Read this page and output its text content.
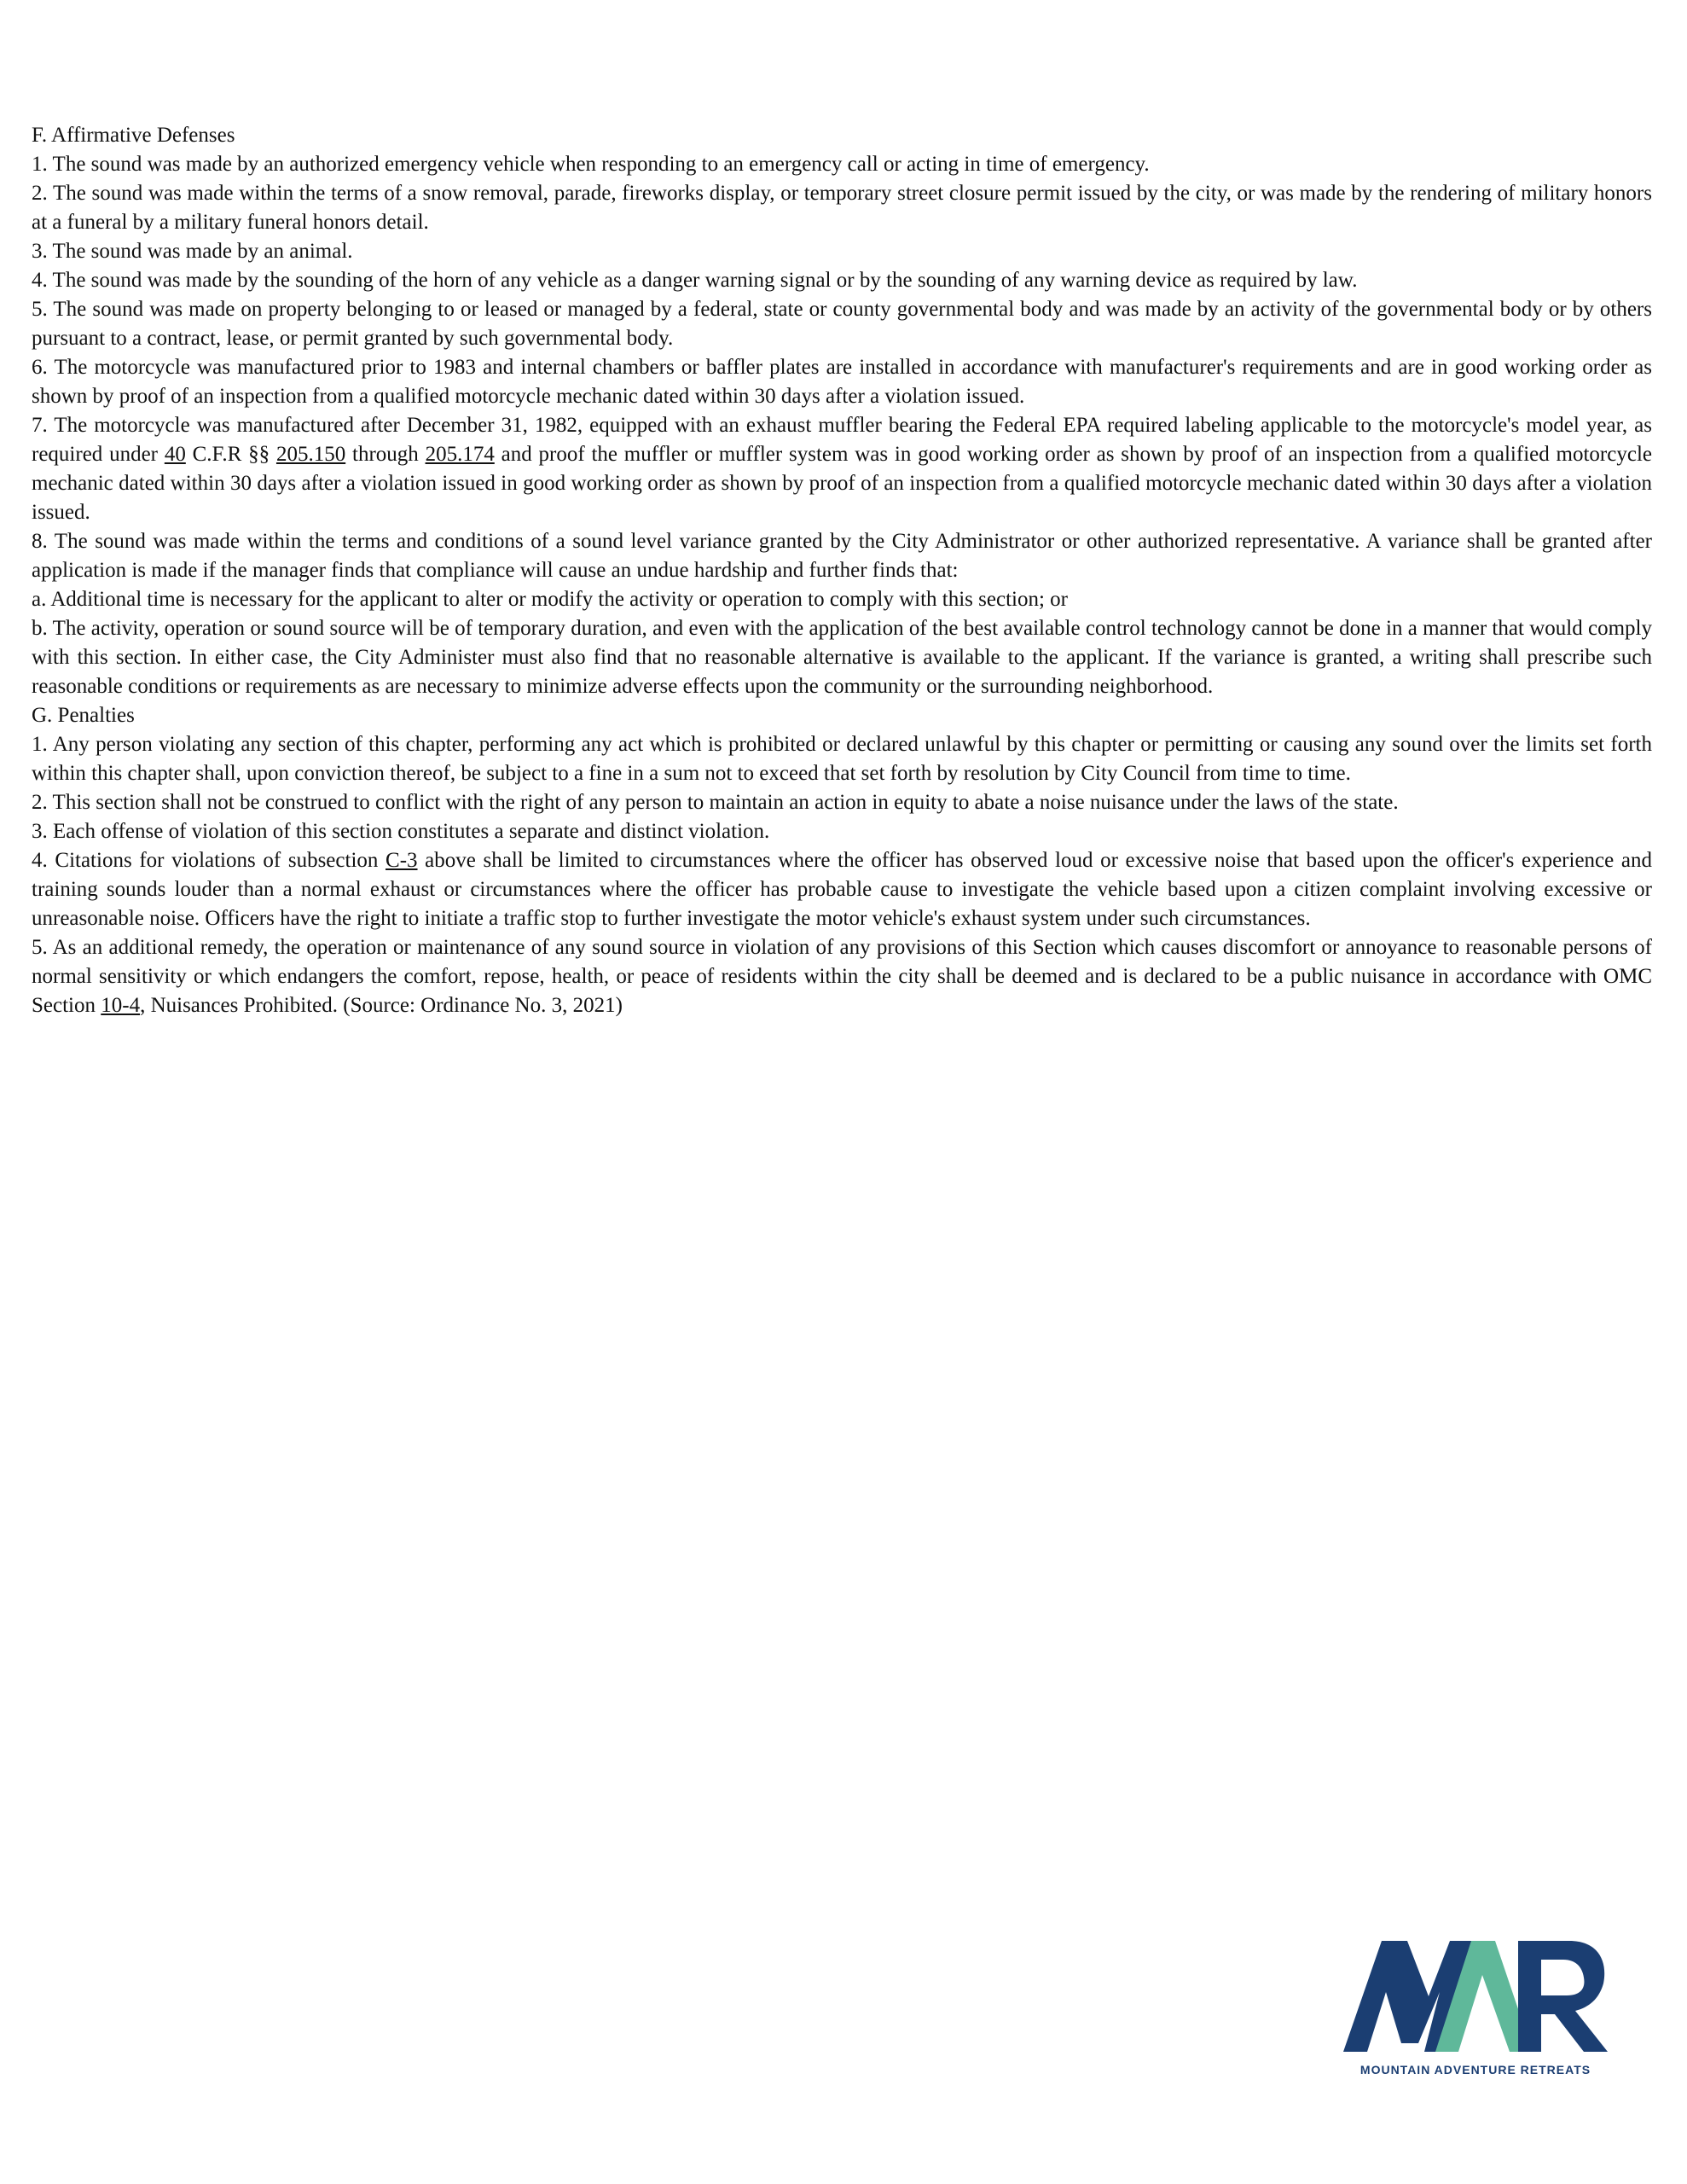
F. Affirmative Defenses

1. The sound was made by an authorized emergency vehicle when responding to an emergency call or acting in time of emergency.

2. The sound was made within the terms of a snow removal, parade, fireworks display, or temporary street closure permit issued by the city, or was made by the rendering of military honors at a funeral by a military funeral honors detail.

3. The sound was made by an animal.

4. The sound was made by the sounding of the horn of any vehicle as a danger warning signal or by the sounding of any warning device as required by law.

5. The sound was made on property belonging to or leased or managed by a federal, state or county governmental body and was made by an activity of the governmental body or by others pursuant to a contract, lease, or permit granted by such governmental body.

6. The motorcycle was manufactured prior to 1983 and internal chambers or baffler plates are installed in accordance with manufacturer's requirements and are in good working order as shown by proof of an inspection from a qualified motorcycle mechanic dated within 30 days after a violation issued.

7. The motorcycle was manufactured after December 31, 1982, equipped with an exhaust muffler bearing the Federal EPA required labeling applicable to the motorcycle's model year, as required under 40 C.F.R §§ 205.150 through 205.174 and proof the muffler or muffler system was in good working order as shown by proof of an inspection from a qualified motorcycle mechanic dated within 30 days after a violation issued in good working order as shown by proof of an inspection from a qualified motorcycle mechanic dated within 30 days after a violation issued.

8. The sound was made within the terms and conditions of a sound level variance granted by the City Administrator or other authorized representative. A variance shall be granted after application is made if the manager finds that compliance will cause an undue hardship and further finds that:

a. Additional time is necessary for the applicant to alter or modify the activity or operation to comply with this section; or

b. The activity, operation or sound source will be of temporary duration, and even with the application of the best available control technology cannot be done in a manner that would comply with this section. In either case, the City Administer must also find that no reasonable alternative is available to the applicant. If the variance is granted, a writing shall prescribe such reasonable conditions or requirements as are necessary to minimize adverse effects upon the community or the surrounding neighborhood.

G. Penalties

1. Any person violating any section of this chapter, performing any act which is prohibited or declared unlawful by this chapter or permitting or causing any sound over the limits set forth within this chapter shall, upon conviction thereof, be subject to a fine in a sum not to exceed that set forth by resolution by City Council from time to time.

2. This section shall not be construed to conflict with the right of any person to maintain an action in equity to abate a noise nuisance under the laws of the state.

3. Each offense of violation of this section constitutes a separate and distinct violation.

4. Citations for violations of subsection C-3 above shall be limited to circumstances where the officer has observed loud or excessive noise that based upon the officer's experience and training sounds louder than a normal exhaust or circumstances where the officer has probable cause to investigate the vehicle based upon a citizen complaint involving excessive or unreasonable noise. Officers have the right to initiate a traffic stop to further investigate the motor vehicle's exhaust system under such circumstances.

5. As an additional remedy, the operation or maintenance of any sound source in violation of any provisions of this Section which causes discomfort or annoyance to reasonable persons of normal sensitivity or which endangers the comfort, repose, health, or peace of residents within the city shall be deemed and is declared to be a public nuisance in accordance with OMC Section 10-4, Nuisances Prohibited. (Source: Ordinance No. 3, 2021)

MOUNTAIN ADVENTURE RETREATS
